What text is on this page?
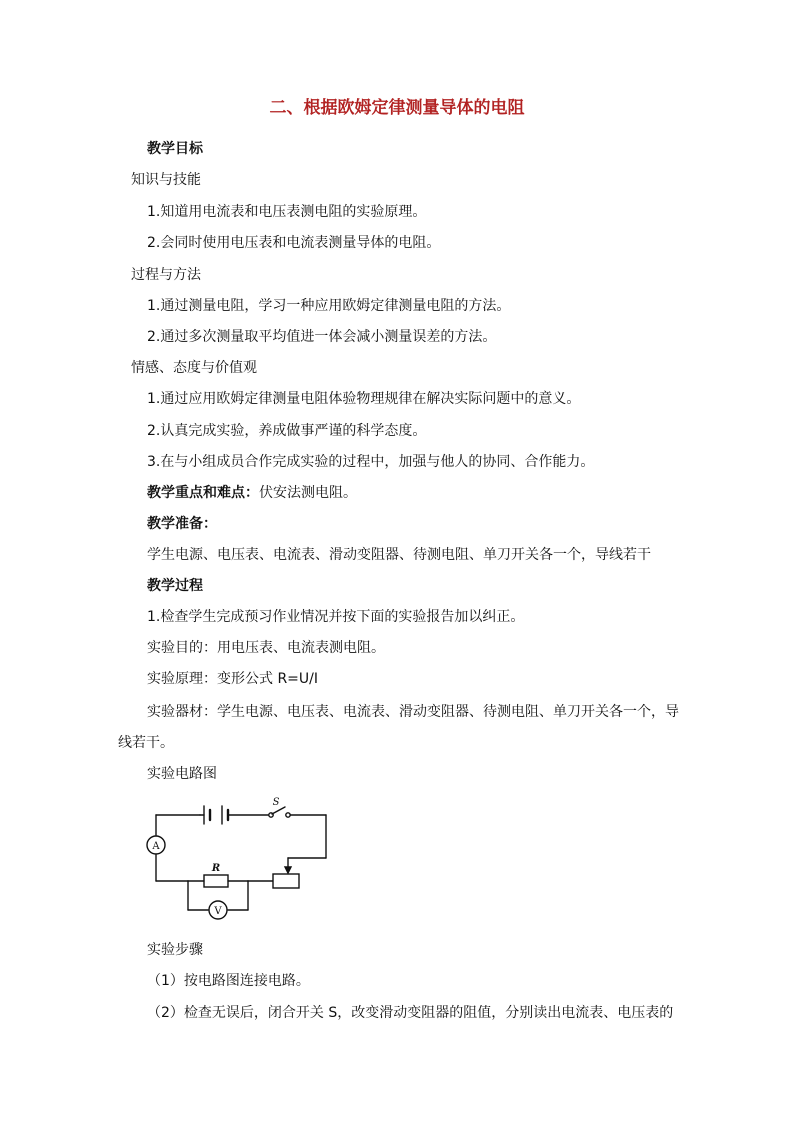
二、根据欧姆定律测量导体的电阻
教学目标
知识与技能
1.知道用电流表和电压表测电阻的实验原理。
2.会同时使用电压表和电流表测量导体的电阻。
过程与方法
1.通过测量电阻，学习一种应用欧姆定律测量电阻的方法。
2.通过多次测量取平均值进一体会减小测量误差的方法。
情感、态度与价值观
1.通过应用欧姆定律测量电阻体验物理规律在解决实际问题中的意义。
2.认真完成实验，养成做事严谨的科学态度。
3.在与小组成员合作完成实验的过程中，加强与他人的协同、合作能力。
教学重点和难点：伏安法测电阻。
教学准备：
学生电源、电压表、电流表、滑动变阻器、待测电阻、单刀开关各一个，导线若干
教学过程
1.检查学生完成预习作业情况并按下面的实验报告加以纠正。
实验目的：用电压表、电流表测电阻。
实验原理：变形公式 R=U/I
实验器材：学生电源、电压表、电流表、滑动变阻器、待测电阻、单刀开关各一个，导
线若干。
实验电路图
A
V
R
S
实验步骤
（1）按电路图连接电路。
（2）检查无误后，闭合开关 S，改变滑动变阻器的阻值，分别读出电流表、电压表的
